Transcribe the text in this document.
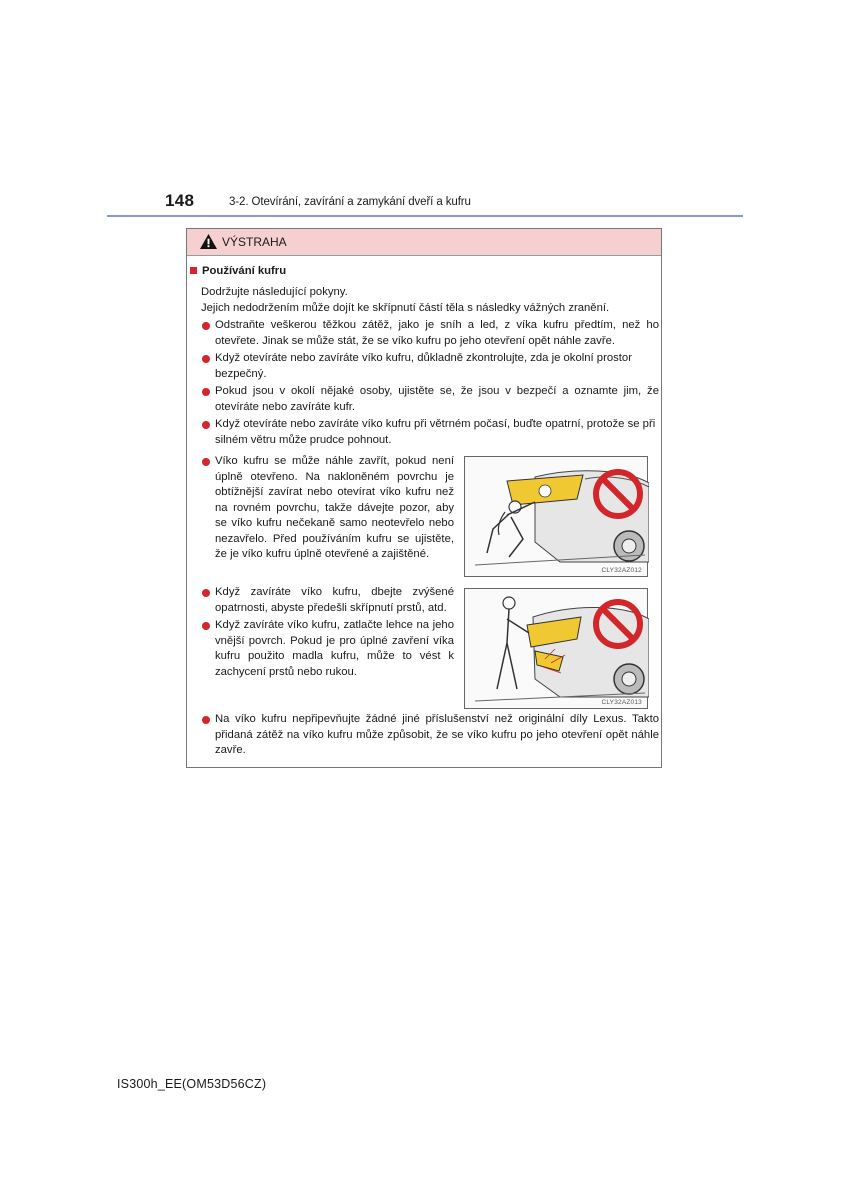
148	3-2. Otevírání, zavírání a zamykání dveří a kufru
VÝSTRAHA
Používání kufru
Dodržujte následující pokyny.
Jejich nedodržením může dojít ke skřípnutí částí těla s následky vážných zranění.
Odstraňte veškerou těžkou zátěž, jako je sníh a led, z víka kufru předtím, než ho otevřete. Jinak se může stát, že se víko kufru po jeho otevření opět náhle zavře.
Když otevíráte nebo zavíráte víko kufru, důkladně zkontrolujte, zda je okolní prostor bezpečný.
Pokud jsou v okolí nějaké osoby, ujistěte se, že jsou v bezpečí a oznamte jim, že otevíráte nebo zavíráte kufr.
Když otevíráte nebo zavíráte víko kufru při větrném počasí, buďte opatrní, protože se při silném větru může prudce pohnout.
Víko kufru se může náhle zavřít, pokud není úplně otevřeno. Na nakloněném povrchu je obtížnější zavírat nebo otevírat víko kufru než na rovném povrchu, takže dávejte pozor, aby se víko kufru nečekaně samo neotevřelo nebo nezavřelo. Před používáním kufru se ujistěte, že je víko kufru úplně otevřené a zajištěné.
CLY32AZ012
Když zavíráte víko kufru, dbejte zvýšené opatrnosti, abyste předešli skřípnutí prstů, atd.
Když zavíráte víko kufru, zatlačte lehce na jeho vnější povrch. Pokud je pro úplné zavření víka kufru použito madla kufru, může to vést k zachycení prstů nebo rukou.
CLY32AZ013
Na víko kufru nepřipevňujte žádné jiné příslušenství než originální díly Lexus. Takto přidaná zátěž na víko kufru může způsobit, že se víko kufru po jeho otevření opět náhle zavře.
IS300h_EE(OM53D56CZ)
